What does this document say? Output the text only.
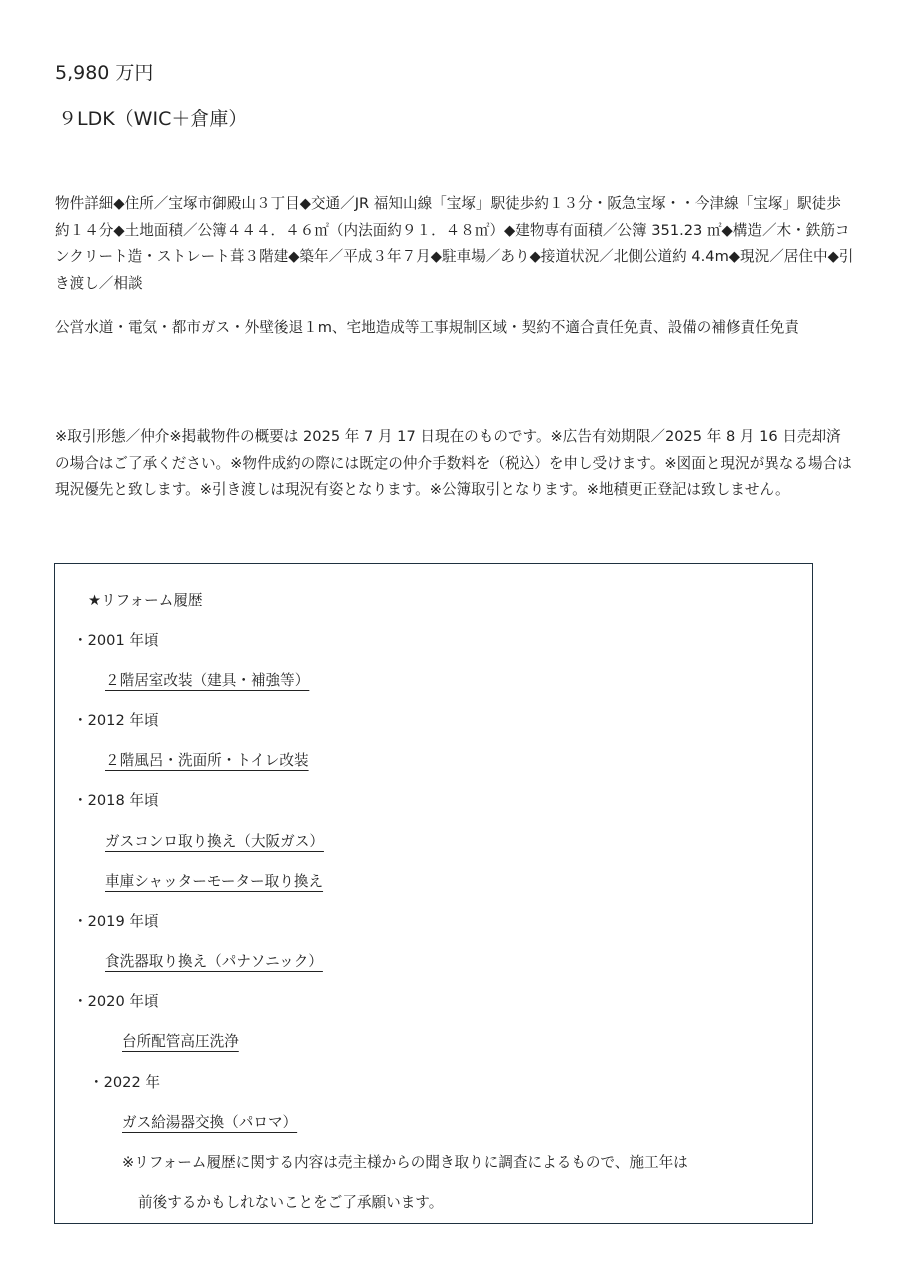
5,980 万円
９LDK（WIC＋倉庫）

物件詳細◆住所／宝塚市御殿山３丁目◆交通／JR 福知山線「宝塚」駅徒歩約１３分・阪急宝塚・・今津線「宝塚」駅徒歩約１４分◆土地面積／公簿４４４．４６㎡（内法面約９１．４８㎡）◆建物専有面積／公簿 351.23 ㎡◆構造／木・鉄筋コンクリート造・ストレート葺３階建◆築年／平成３年７月◆駐車場／あり◆接道状況／北側公道約 4.4m◆現況／居住中◆引き渡し／相談

公営水道・電気・都市ガス・外壁後退１m、宅地造成等工事規制区域・契約不適合責任免責、設備の補修責任免責

※取引形態／仲介※掲載物件の概要は 2025 年 7 月 17 日現在のものです。※広告有効期限／2025 年 8 月 16 日売却済の場合はご了承ください。※物件成約の際には既定の仲介手数料を（税込）を申し受けます。※図面と現況が異なる場合は現況優先と致します。※引き渡しは現況有姿となります。※公簿取引となります。※地積更正登記は致しません。

★リフォーム履歴
・2001 年頃
２階居室改装（建具・補強等）
・2012 年頃
２階風呂・洗面所・トイレ改装
・2018 年頃
ガスコンロ取り換え（大阪ガス）
車庫シャッターモーター取り換え
・2019 年頃
食洗器取り換え（パナソニック）
・2020 年頃
台所配管高圧洗浄
・2022 年
ガス給湯器交換（パロマ）
※リフォーム履歴に関する内容は売主様からの聞き取りに調査によるもので、施工年は
前後するかもしれないことをご了承願います。
